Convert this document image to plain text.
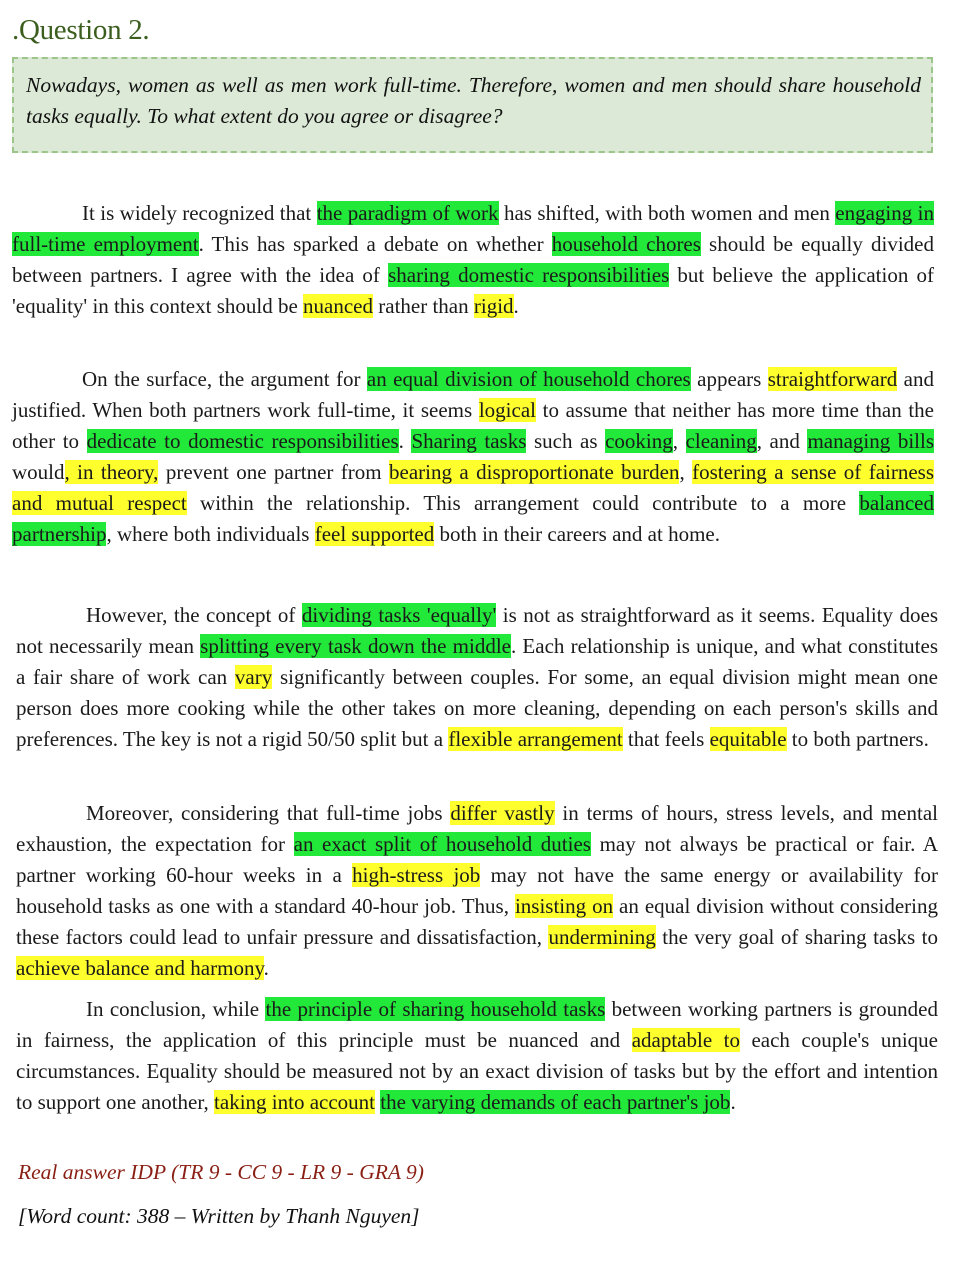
.Question 2.
Nowadays, women as well as men work full-time. Therefore, women and men should share household tasks equally. To what extent do you agree or disagree?

It is widely recognized that the paradigm of work has shifted, with both women and men engaging in full-time employment. This has sparked a debate on whether household chores should be equally divided between partners. I agree with the idea of sharing domestic responsibilities but believe the application of 'equality' in this context should be nuanced rather than rigid.

On the surface, the argument for an equal division of household chores appears straightforward and justified. When both partners work full-time, it seems logical to assume that neither has more time than the other to dedicate to domestic responsibilities. Sharing tasks such as cooking, cleaning, and managing bills would, in theory, prevent one partner from bearing a disproportionate burden, fostering a sense of fairness and mutual respect within the relationship. This arrangement could contribute to a more balanced partnership, where both individuals feel supported both in their careers and at home.

However, the concept of dividing tasks 'equally' is not as straightforward as it seems. Equality does not necessarily mean splitting every task down the middle. Each relationship is unique, and what constitutes a fair share of work can vary significantly between couples. For some, an equal division might mean one person does more cooking while the other takes on more cleaning, depending on each person's skills and preferences. The key is not a rigid 50/50 split but a flexible arrangement that feels equitable to both partners.

Moreover, considering that full-time jobs differ vastly in terms of hours, stress levels, and mental exhaustion, the expectation for an exact split of household duties may not always be practical or fair. A partner working 60-hour weeks in a high-stress job may not have the same energy or availability for household tasks as one with a standard 40-hour job. Thus, insisting on an equal division without considering these factors could lead to unfair pressure and dissatisfaction, undermining the very goal of sharing tasks to achieve balance and harmony.

In conclusion, while the principle of sharing household tasks between working partners is grounded in fairness, the application of this principle must be nuanced and adaptable to each couple's unique circumstances. Equality should be measured not by an exact division of tasks but by the effort and intention to support one another, taking into account the varying demands of each partner's job.

Real answer IDP (TR 9 - CC 9 - LR 9 - GRA 9)
[Word count: 388 – Written by Thanh Nguyen]
